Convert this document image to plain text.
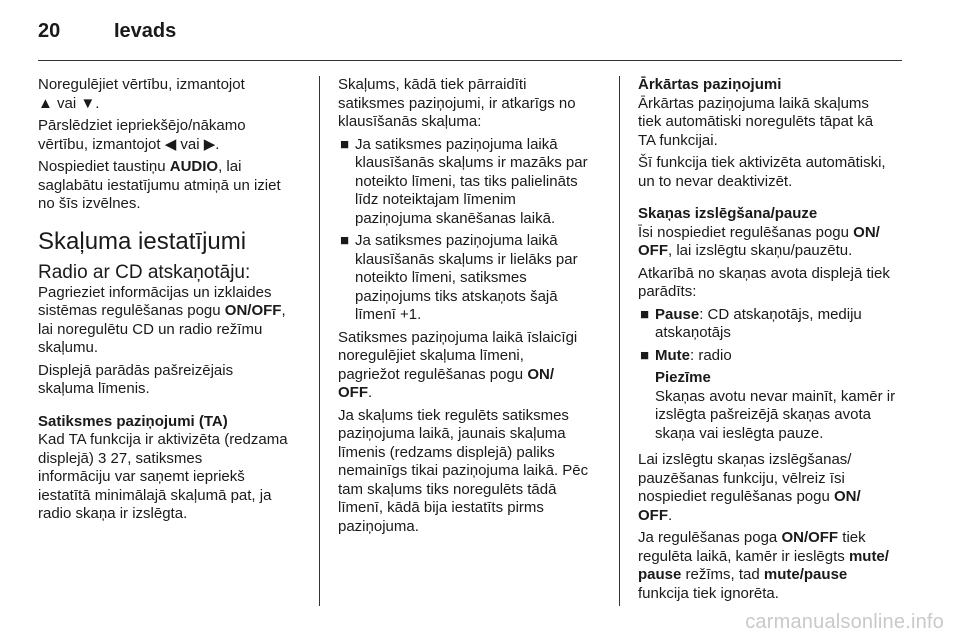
20	Ievads

Noregulējiet vērtību, izmantojot
▲ vai ▼.

Pārslēdziet iepriekšējo/nākamo
vērtību, izmantojot ◀ vai ▶.

Nospiediet taustiņu AUDIO, lai
saglabātu iestatījumu atmiņā un iziet
no šīs izvēlnes.

Skaļuma iestatījumi
Radio ar CD atskaņotāju:

Pagrieziet informācijas un izklaides
sistēmas regulēšanas pogu ON/OFF,
lai noregulētu CD un radio režīmu
skaļumu.

Displejā parādās pašreizējais
skaļuma līmenis.

Satiksmes paziņojumi (TA)

Kad TA funkcija ir aktivizēta (redzama
displejā) 3 27, satiksmes
informāciju var saņemt iepriekš
iestatītā minimālajā skaļumā pat, ja
radio skaņa ir izslēgta.

Skaļums, kādā tiek pārraidīti
satiksmes paziņojumi, ir atkarīgs no
klausīšanās skaļuma:

■ Ja satiksmes paziņojuma laikā
klausīšanās skaļums ir mazāks par
noteikto līmeni, tas tiks palielināts
līdz noteiktajam līmenim
paziņojuma skanēšanas laikā.
■ Ja satiksmes paziņojuma laikā
klausīšanās skaļums ir lielāks par
noteikto līmeni, satiksmes
paziņojums tiks atskaņots šajā
līmenī +1.

Satiksmes paziņojuma laikā īslaicīgi
noregulējiet skaļuma līmeni,
pagriežot regulēšanas pogu ON/
OFF.

Ja skaļums tiek regulēts satiksmes
paziņojuma laikā, jaunais skaļuma
līmenis (redzams displejā) paliks
nemainīgs tikai paziņojuma laikā. Pēc
tam skaļums tiks noregulēts tādā
līmenī, kādā bija iestatīts pirms
paziņojuma.

Ārkārtas paziņojumi

Ārkārtas paziņojuma laikā skaļums
tiek automātiski noregulēts tāpat kā
TA funkcijai.

Šī funkcija tiek aktivizēta automātiski,
un to nevar deaktivizēt.

Skaņas izslēgšana/pauze

Īsi nospiediet regulēšanas pogu ON/
OFF, lai izslēgtu skaņu/pauzētu.

Atkarībā no skaņas avota displejā tiek
parādīts:

■ Pause: CD atskaņotājs, mediju
atskaņotājs
■ Mute: radio
Piezīme
Skaņas avotu nevar mainīt, kamēr ir
izslēgta pašreizējā skaņas avota
skaņa vai ieslēgta pauze.

Lai izslēgtu skaņas izslēgšanas/
pauzēšanas funkciju, vēlreiz īsi
nospiediet regulēšanas pogu ON/
OFF.

Ja regulēšanas poga ON/OFF tiek
regulēta laikā, kamēr ir ieslēgts mute/
pause režīms, tad mute/pause
funkcija tiek ignorēta.

carmanualsonline.info
